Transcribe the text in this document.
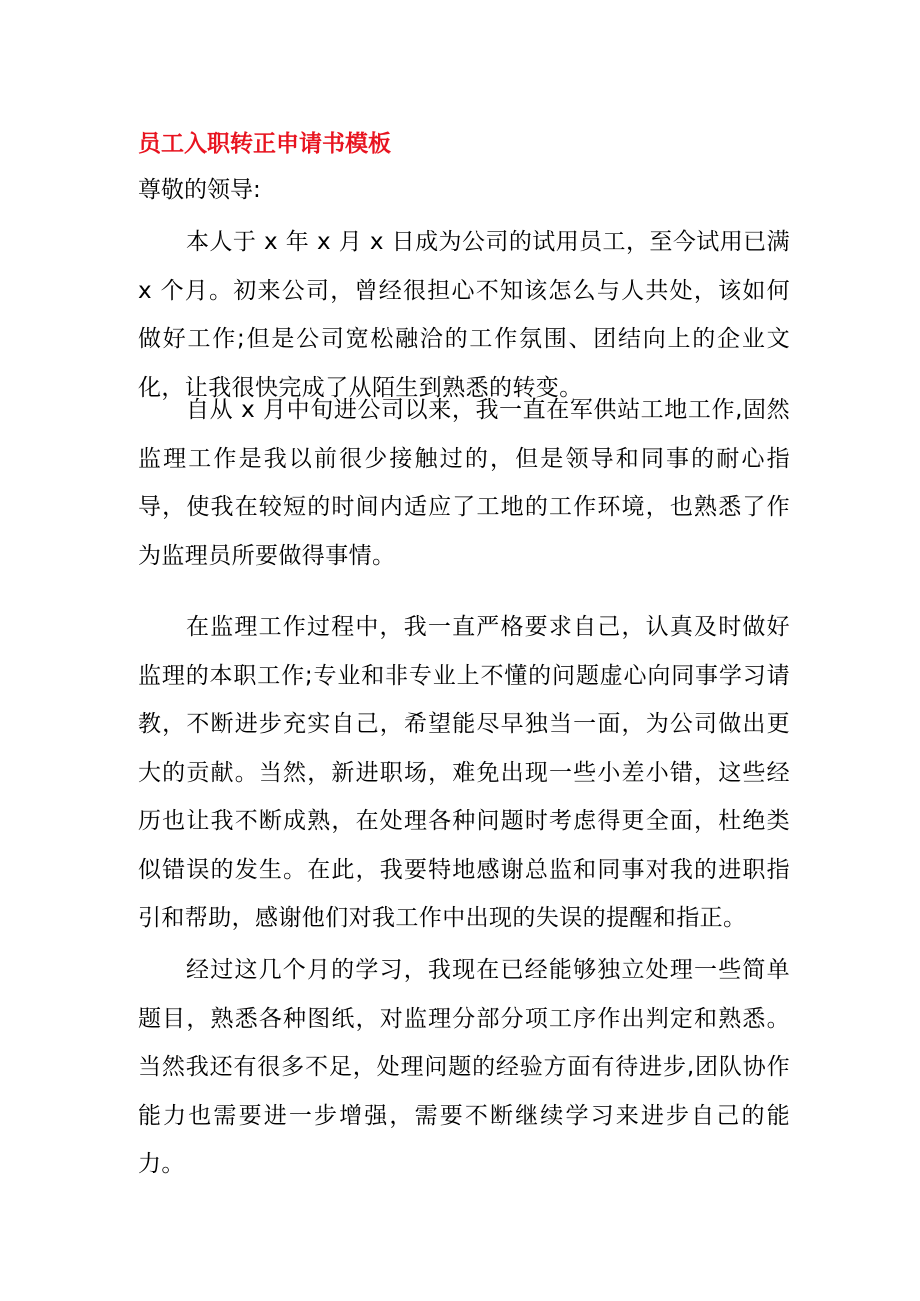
员工入职转正申请书模板
尊敬的领导:

本人于 x 年 x 月 x 日成为公司的试用员工，至今试用已满 x 个月。初来公司，曾经很担心不知该怎么与人共处，该如何做好工作;但是公司宽松融洽的工作氛围、团结向上的企业文化，让我很快完成了从陌生到熟悉的转变。

自从 x 月中旬进公司以来，我一直在军供站工地工作,固然监理工作是我以前很少接触过的，但是领导和同事的耐心指导，使我在较短的时间内适应了工地的工作环境，也熟悉了作为监理员所要做得事情。

在监理工作过程中，我一直严格要求自己，认真及时做好监理的本职工作;专业和非专业上不懂的问题虚心向同事学习请教，不断进步充实自己，希望能尽早独当一面，为公司做出更大的贡献。当然，新进职场，难免出现一些小差小错，这些经历也让我不断成熟，在处理各种问题时考虑得更全面，杜绝类似错误的发生。在此，我要特地感谢总监和同事对我的进职指引和帮助，感谢他们对我工作中出现的失误的提醒和指正。

经过这几个月的学习，我现在已经能够独立处理一些简单题目，熟悉各种图纸，对监理分部分项工序作出判定和熟悉。当然我还有很多不足，处理问题的经验方面有待进步,团队协作能力也需要进一步增强，需要不断继续学习来进步自己的能力。
